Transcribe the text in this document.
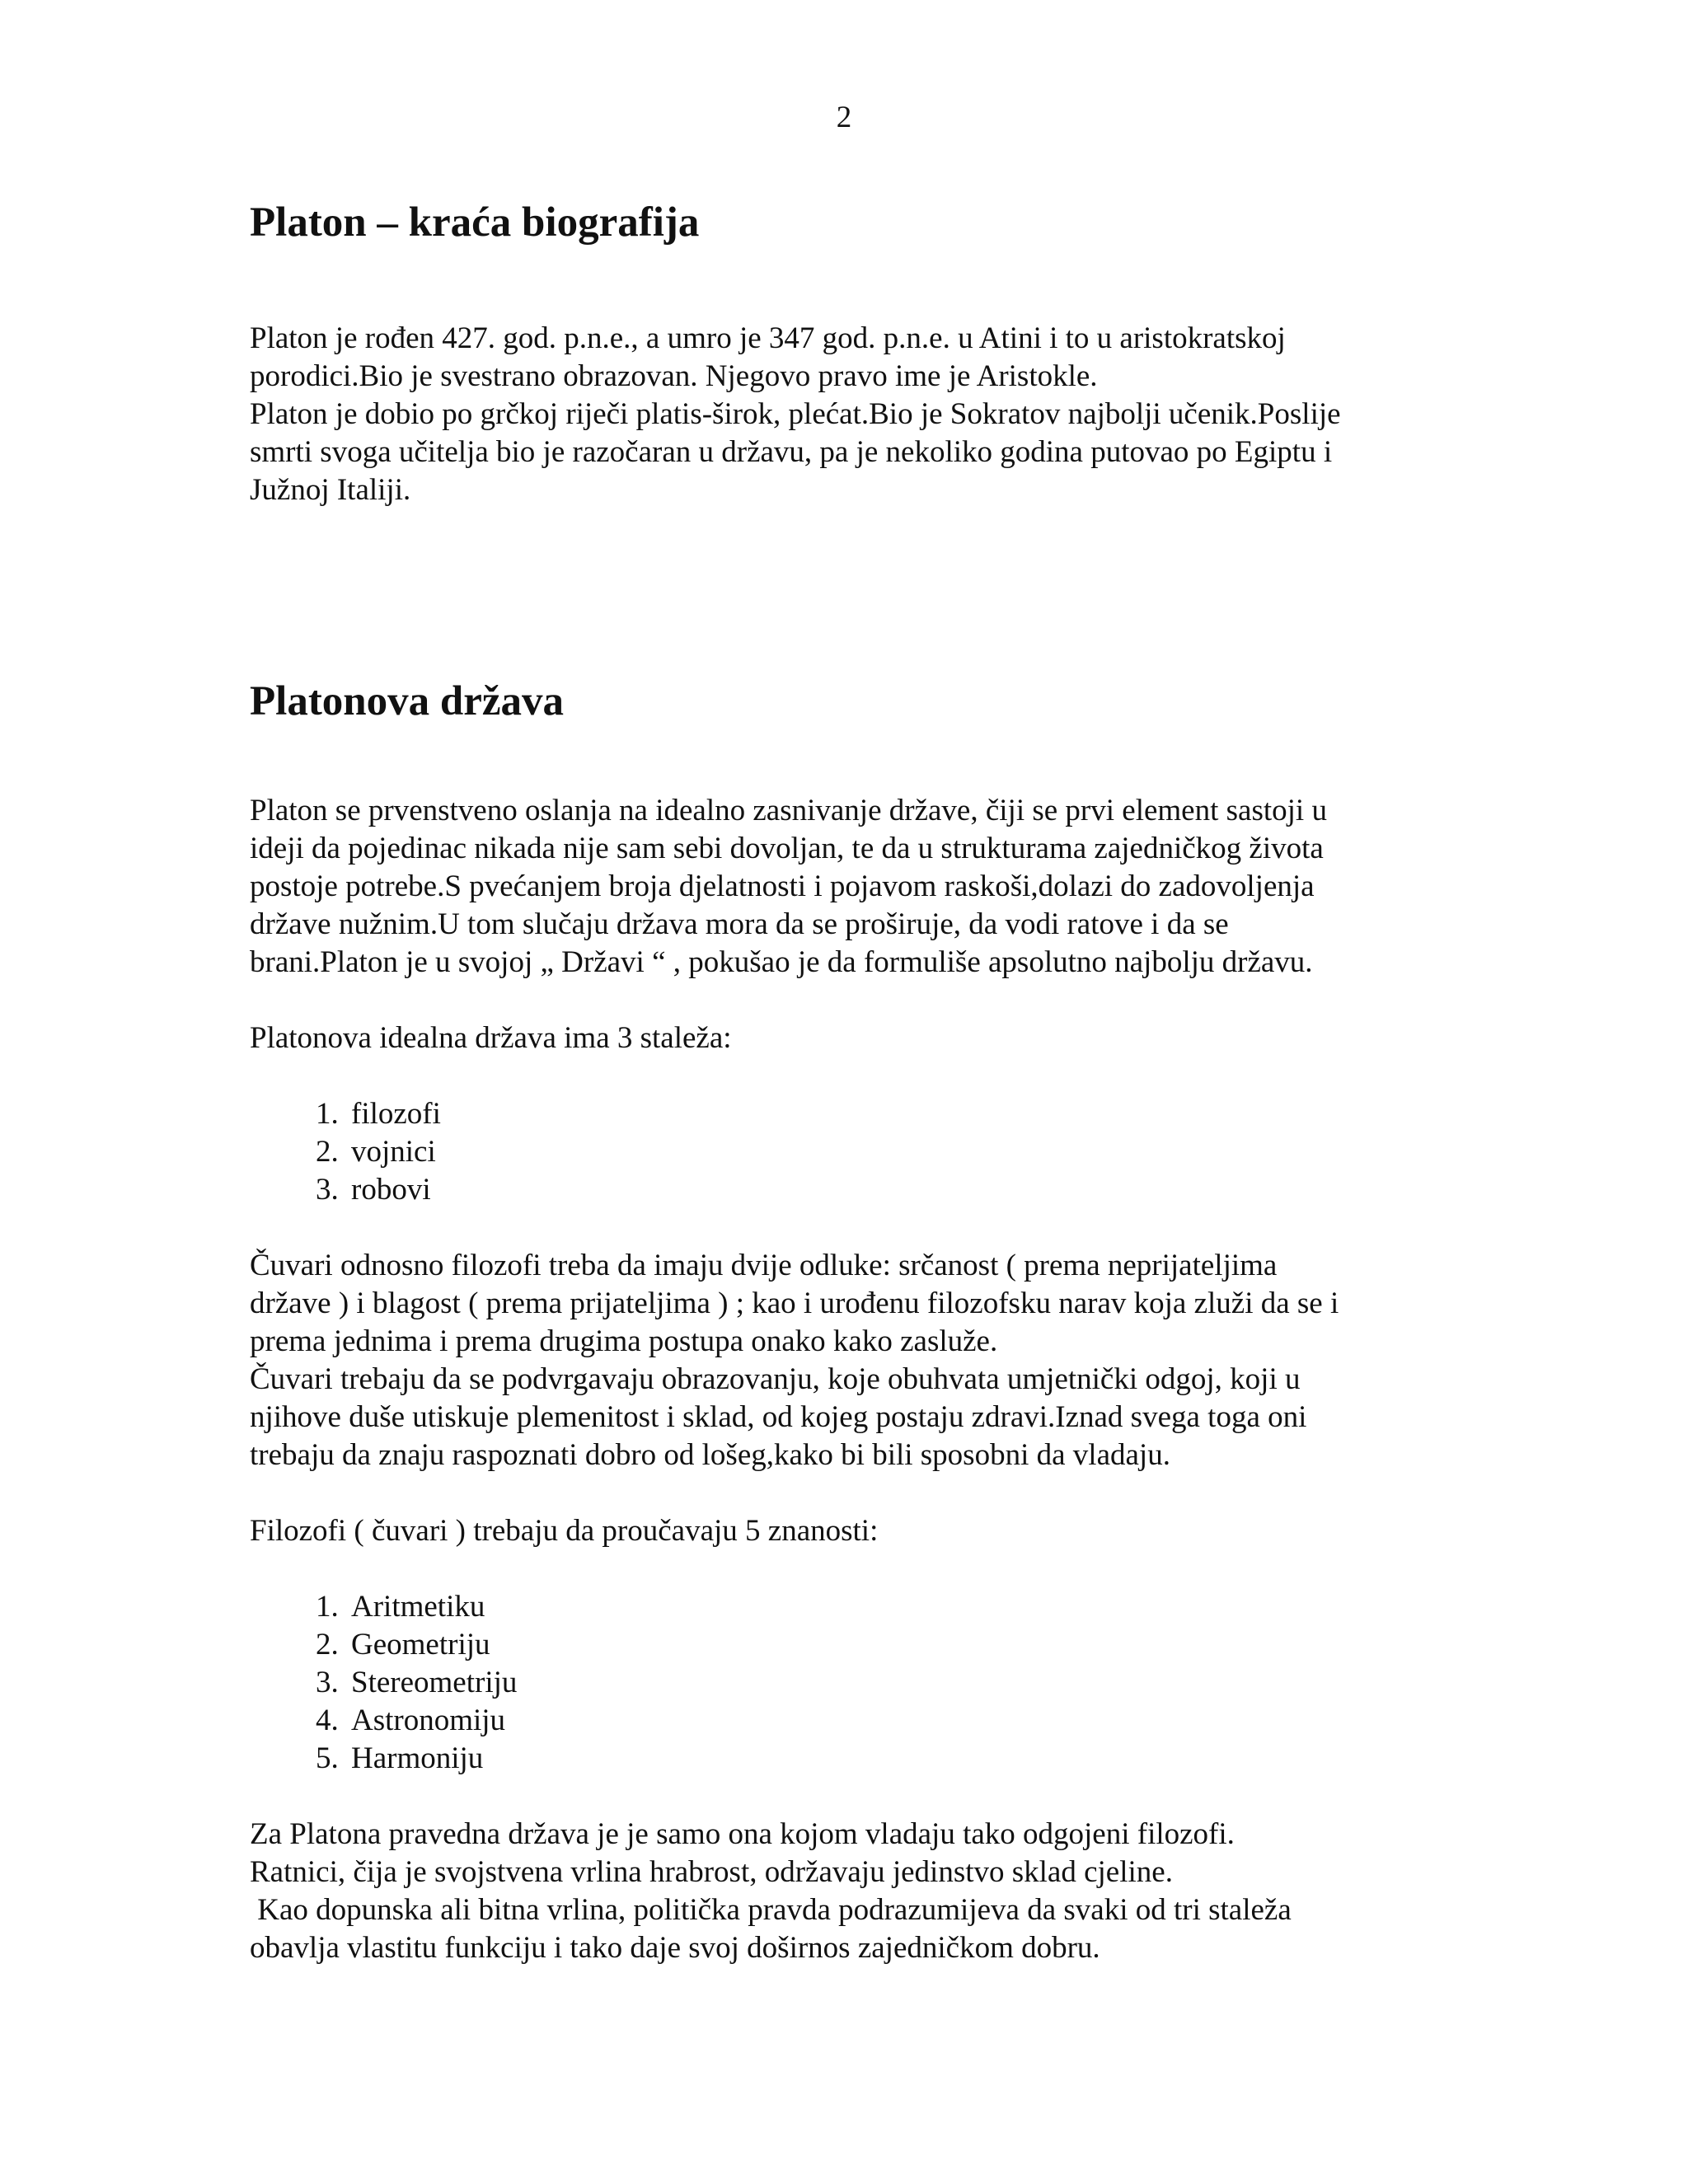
2
Platon – kraća biografija

Platon je rođen 427. god. p.n.e., a umro je 347 god. p.n.e. u Atini i to u aristokratskoj

porodici.Bio je svestrano obrazovan. Njegovo pravo ime je Aristokle.

Platon je dobio po grčkoj riječi platis-širok, plećat.Bio je Sokratov najbolji učenik.Poslije

smrti svoga učitelja bio je razočaran u državu, pa je nekoliko godina putovao po Egiptu i

Južnoj Italiji.

Platonova država

Platon se prvenstveno oslanja na idealno zasnivanje države, čiji se prvi element sastoji u

ideji da pojedinac nikada nije sam sebi dovoljan, te da u strukturama zajedničkog života

postoje potrebe.S pvećanjem broja djelatnosti i pojavom raskoši,dolazi do zadovoljenja

države nužnim.U tom slučaju država mora da se proširuje, da vodi ratove i da se

brani.Platon je u svojoj „ Državi “ , pokušao je da formuliše apsolutno najbolju državu.

Platonova idealna država ima 3 staleža:

1. filozofi
2. vojnici
3. robovi

Čuvari odnosno filozofi treba da imaju dvije odluke: srčanost ( prema neprijateljima

države ) i blagost ( prema prijateljima ) ; kao i urođenu filozofsku narav koja zluži da se i

prema jednima i prema drugima postupa onako kako zaslužе.

Čuvari trebaju da se podvrgavaju obrazovanju, koje obuhvata umjetnički odgoj, koji u

njihove duše utiskuje plemenitost i sklad, od kojeg postaju zdravi.Iznad svega toga oni

trebaju da znaju raspoznati dobro od lošeg,kako bi bili sposobni da vladaju.

Filozofi ( čuvari ) trebaju da proučavaju 5 znanosti:

1. Aritmetiku
2. Geometriju
3. Stereometriju
4. Astronomiju
5. Harmoniju

Za Platona pravedna država je je samo ona kojom vladaju tako odgojeni filozofi.

Ratnici, čija je svojstvena vrlina hrabrost, održavaju jedinstvo sklad cjeline.

Kao dopunska ali bitna vrlina, politička pravda podrazumijeva da svaki od tri staleža

obavlja vlastitu funkciju i tako daje svoj doširnos zajedničkom dobru.
